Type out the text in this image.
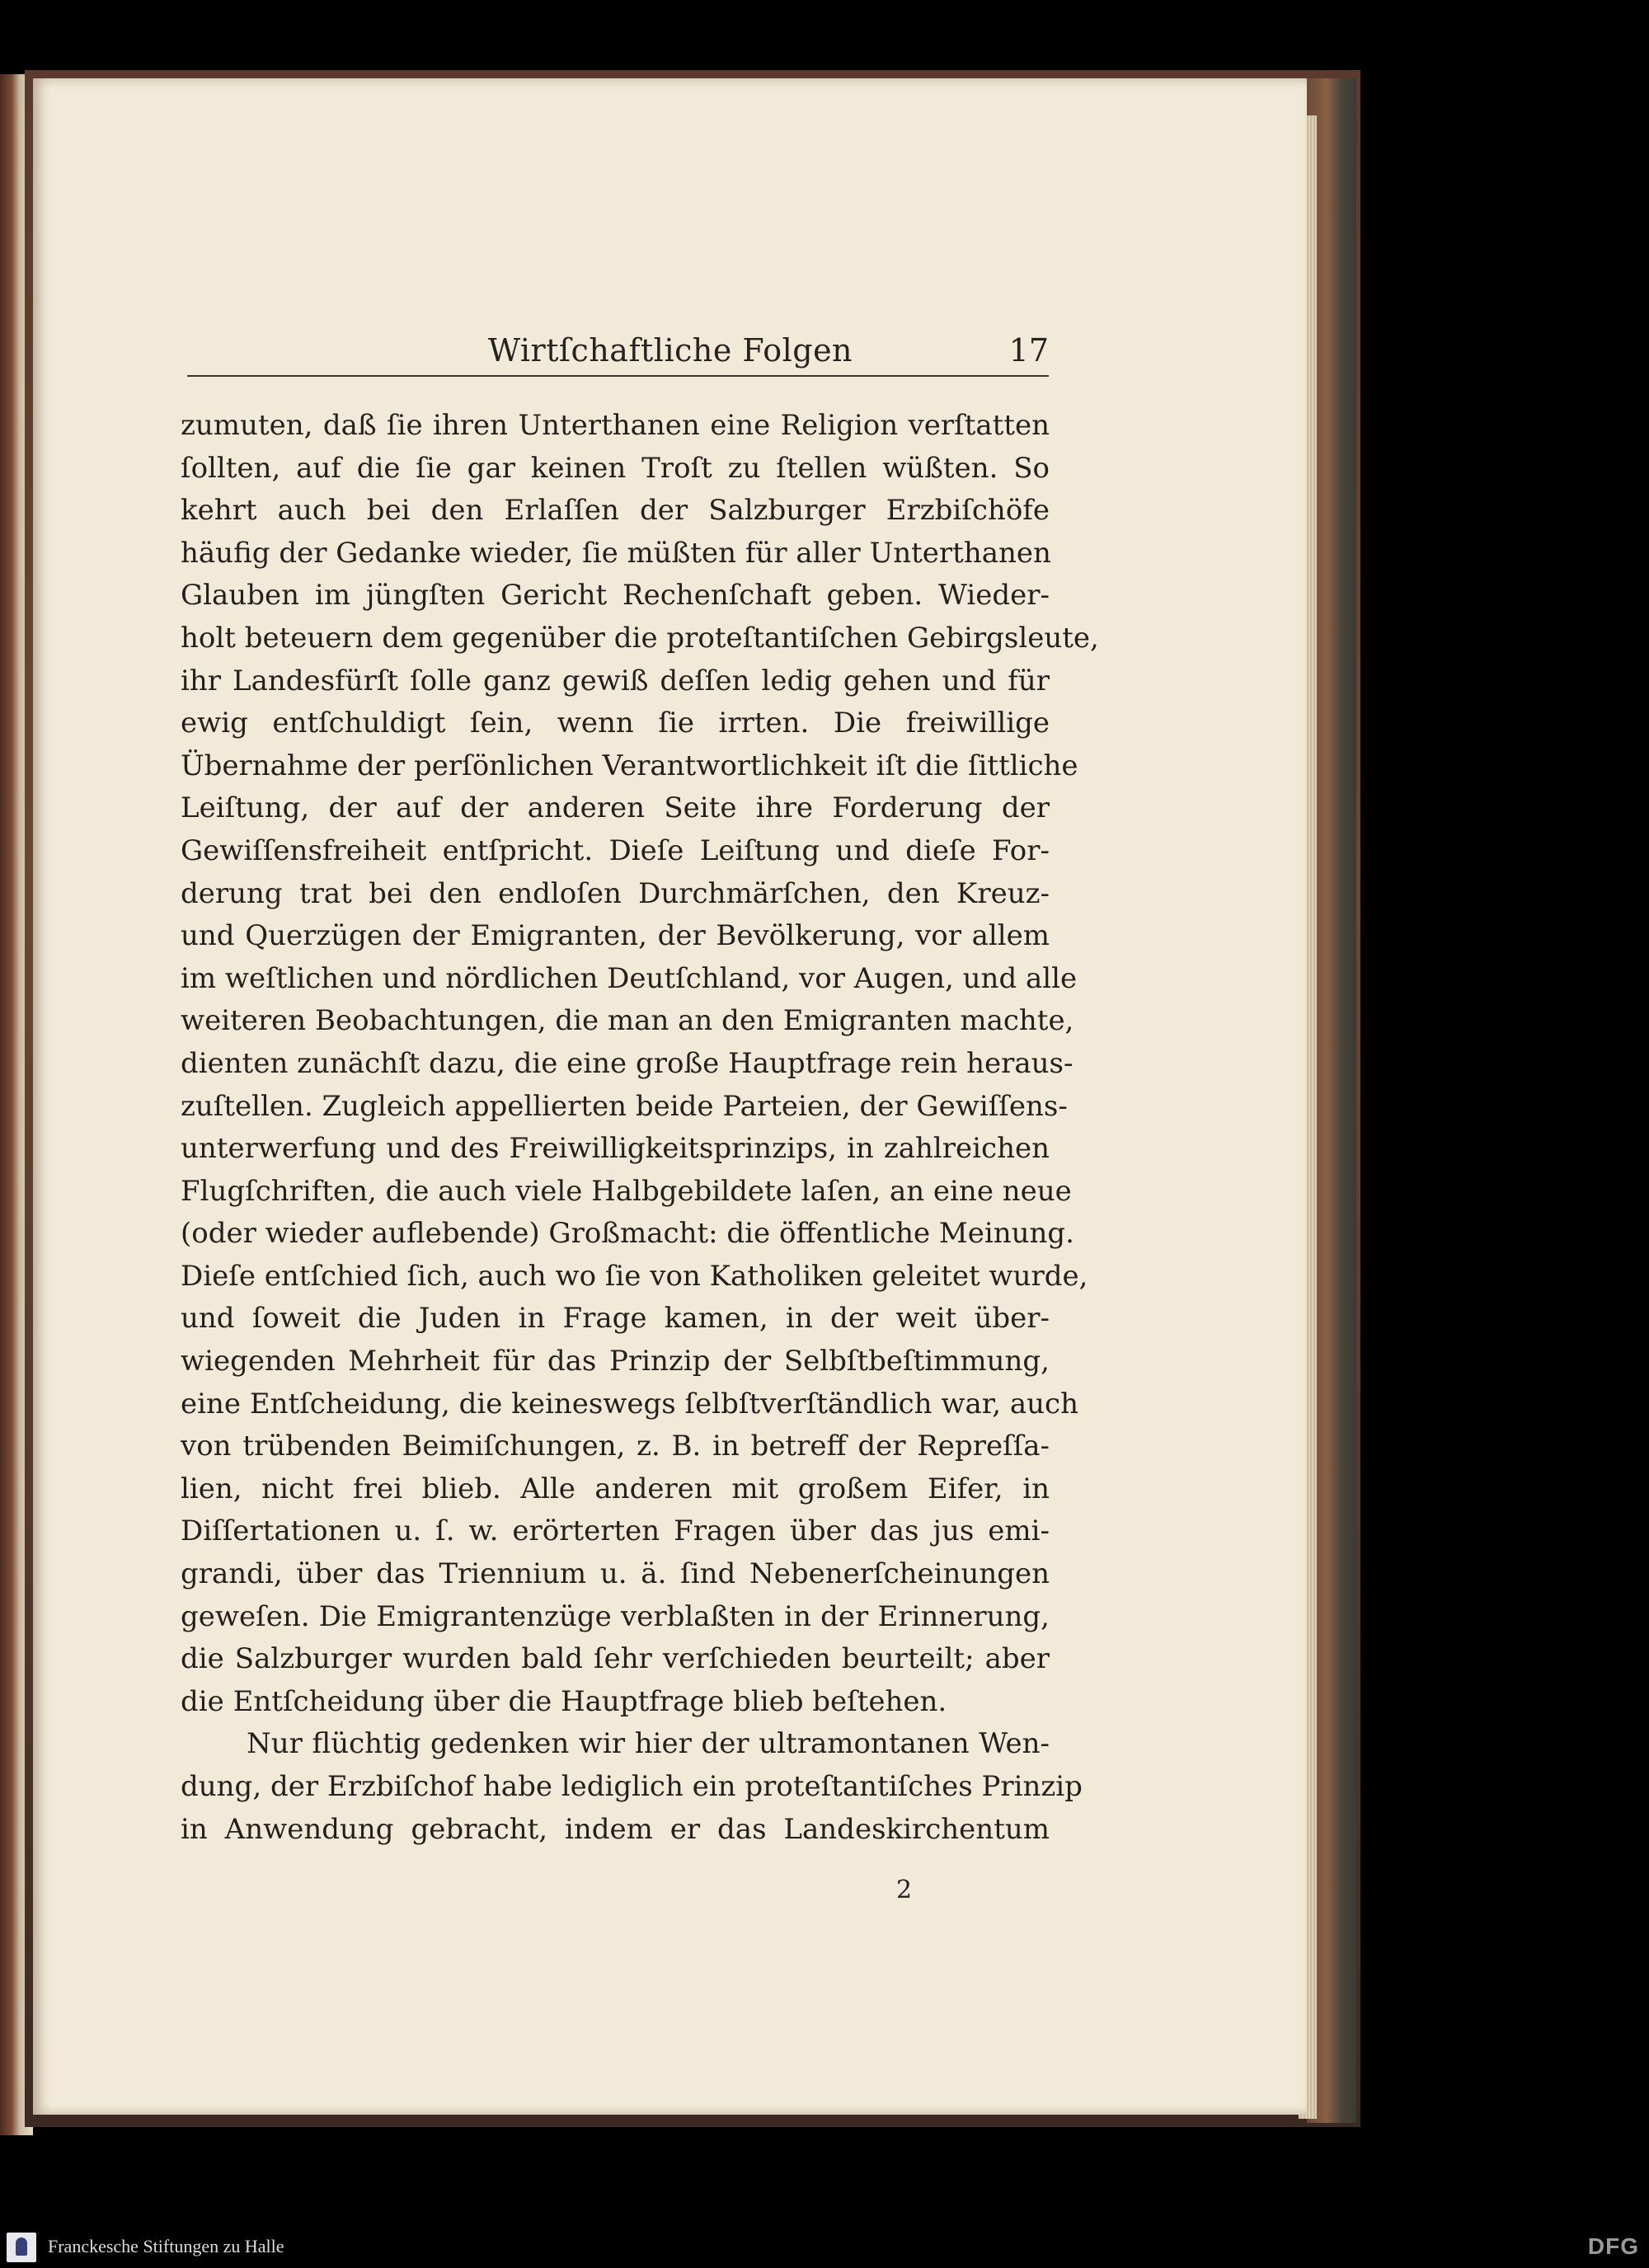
Wirtſchaftliche Folgen	17
zumuten, daß ſie ihren Unterthanen eine Religion verſtatten
ſollten, auf die ſie gar keinen Troſt zu ſtellen wüßten. So
kehrt auch bei den Erlaſſen der Salzburger Erzbiſchöfe
häufig der Gedanke wieder, ſie müßten für aller Unterthanen
Glauben im jüngſten Gericht Rechenſchaft geben. Wieder-
holt beteuern dem gegenüber die proteſtantiſchen Gebirgsleute,
ihr Landesfürſt ſolle ganz gewiß deſſen ledig gehen und für
ewig entſchuldigt ſein, wenn ſie irrten. Die freiwillige
Übernahme der perſönlichen Verantwortlichkeit iſt die ſittliche
Leiſtung, der auf der anderen Seite ihre Forderung der
Gewiſſensfreiheit entſpricht. Dieſe Leiſtung und dieſe For-
derung trat bei den endloſen Durchmärſchen, den Kreuz-
und Querzügen der Emigranten, der Bevölkerung, vor allem
im weſtlichen und nördlichen Deutſchland, vor Augen, und alle
weiteren Beobachtungen, die man an den Emigranten machte,
dienten zunächſt dazu, die eine große Hauptfrage rein heraus-
zuſtellen. Zugleich appellierten beide Parteien, der Gewiſſens-
unterwerfung und des Freiwilligkeitsprinzips, in zahlreichen
Flugſchriften, die auch viele Halbgebildete laſen, an eine neue
(oder wieder auflebende) Großmacht: die öffentliche Meinung.
Dieſe entſchied ſich, auch wo ſie von Katholiken geleitet wurde,
und ſoweit die Juden in Frage kamen, in der weit über-
wiegenden Mehrheit für das Prinzip der Selbſtbeſtimmung,
eine Entſcheidung, die keineswegs ſelbſtverſtändlich war, auch
von trübenden Beimiſchungen, z. B. in betreff der Repreſſa-
lien, nicht frei blieb. Alle anderen mit großem Eifer, in
Diſſertationen u. ſ. w. erörterten Fragen über das jus emi-
grandi, über das Triennium u. ä. ſind Nebenerſcheinungen
geweſen. Die Emigrantenzüge verblaßten in der Erinnerung,
die Salzburger wurden bald ſehr verſchieden beurteilt; aber
die Entſcheidung über die Hauptfrage blieb beſtehen.
Nur flüchtig gedenken wir hier der ultramontanen Wen-
dung, der Erzbiſchof habe lediglich ein proteſtantiſches Prinzip
in Anwendung gebracht, indem er das Landeskirchentum
2
Franckesche Stiftungen zu Halle	DFG
